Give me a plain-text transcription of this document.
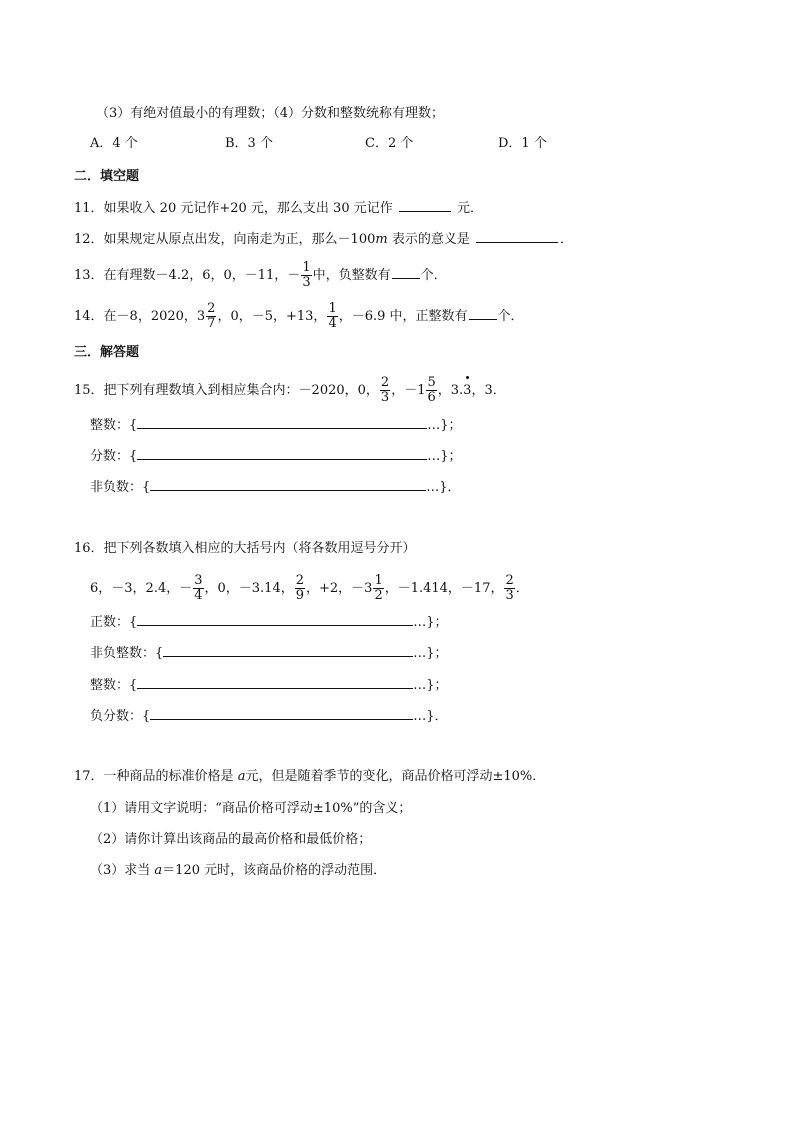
（3）有绝对值最小的有理数；（4）分数和整数统称有理数；
A．4 个	B．3 个	C．2 个	D．1 个
二．填空题
11．如果收入 20 元记作+20 元，那么支出 30 元记作	元．
12．如果规定从原点出发，向南走为正，那么－100m 表示的意义是	．
13．在有理数－4.2，6，0，－11，－ $\frac{1}{3}$ 中，负整数有 个．
14．在－8，2020，$3 \frac{2}{7}$ ，0，－5，+13， $\frac{1}{4}$ ，－6.9 中，正整数有 个．
三．解答题
15．把下列有理数填入到相应集合内：－2020，0， $\frac{2}{3}$ ，$-1 \frac{5}{6}$ ，3.3，3．
整数：{	…}；
分数：{	…}；
非负数：{	…}．
16．把下列各数填入相应的大括号内（将各数用逗号分开）
6，－3，2.4，－ $\frac{3}{4}$ ，0，－3.14， $\frac{2}{9}$ ，+2，$-3 \frac{1}{2}$ ，－1.414，－17， $\frac{2}{3}$ ．
正数：{	…}；
非负整数：{	…}；
整数：{	…}；
负分数：{	…}．
17．一种商品的标准价格是 a元，但是随着季节的变化，商品价格可浮动±10%．
（1）请用文字说明：“商品价格可浮动±10%”的含义；
（2）请你计算出该商品的最高价格和最低价格；
（3）求当 a＝120 元时，该商品价格的浮动范围．
